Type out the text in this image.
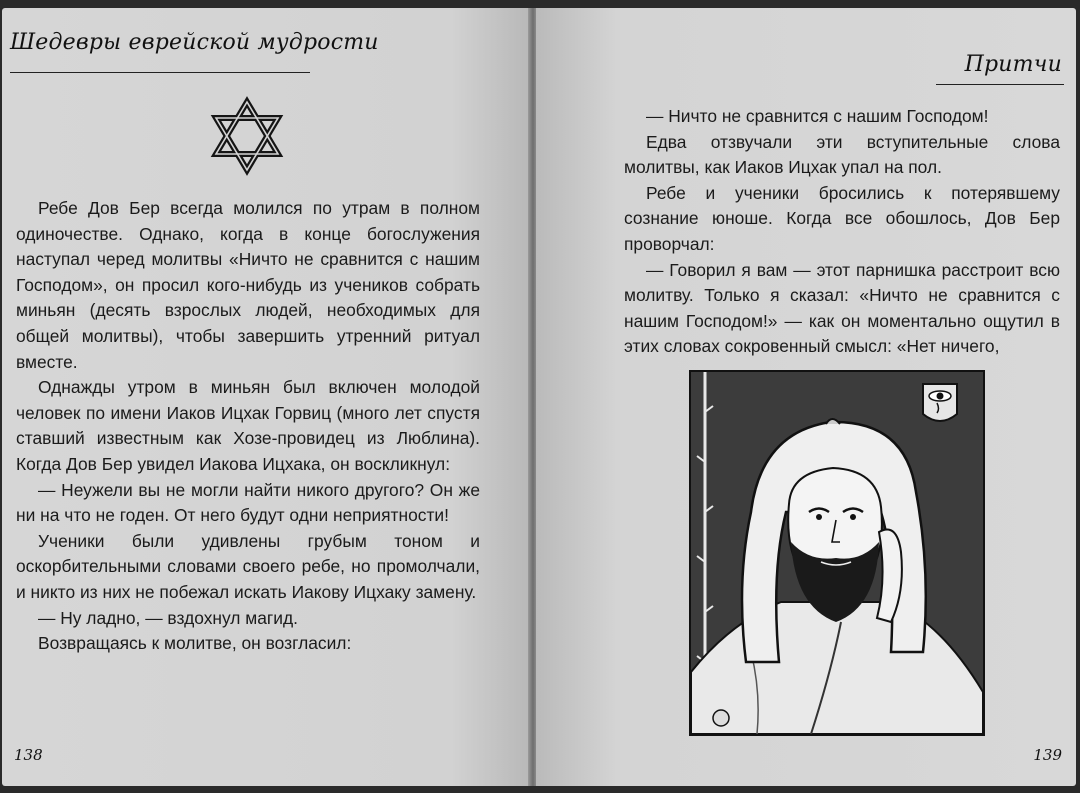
Шедевры еврейской мудрости

Ребе Дов Бер всегда молился по утрам в полном одиночестве. Однако, когда в конце богослужения наступал черед молитвы «Ничто не сравнится с нашим Господом», он просил кого-нибудь из учеников собрать миньян (десять взрослых людей, необходимых для общей молитвы), чтобы завершить утренний ритуал вместе.

Однажды утром в миньян был включен молодой человек по имени Иаков Ицхак Горвиц (много лет спустя ставший известным как Хозе-провидец из Люблина). Когда Дов Бер увидел Иакова Ицхака, он воскликнул:

— Неужели вы не могли найти никого другого? Он же ни на что не годен. От него будут одни неприятности!

Ученики были удивлены грубым тоном и оскорбительными словами своего ребе, но промолчали, и никто из них не побежал искать Иакову Ицхаку замену.

— Ну ладно, — вздохнул магид.

Возвращаясь к молитве, он возгласил:

138
Притчи

— Ничто не сравнится с нашим Господом!

Едва отзвучали эти вступительные слова молитвы, как Иаков Ицхак упал на пол.

Ребе и ученики бросились к потерявшему сознание юноше. Когда все обошлось, Дов Бер проворчал:

— Говорил я вам — этот парнишка расстроит всю молитву. Только я сказал: «Ничто не сравнится с нашим Господом!» — как он моментально ощутил в этих словах сокровенный смысл: «Нет ничего,

139
